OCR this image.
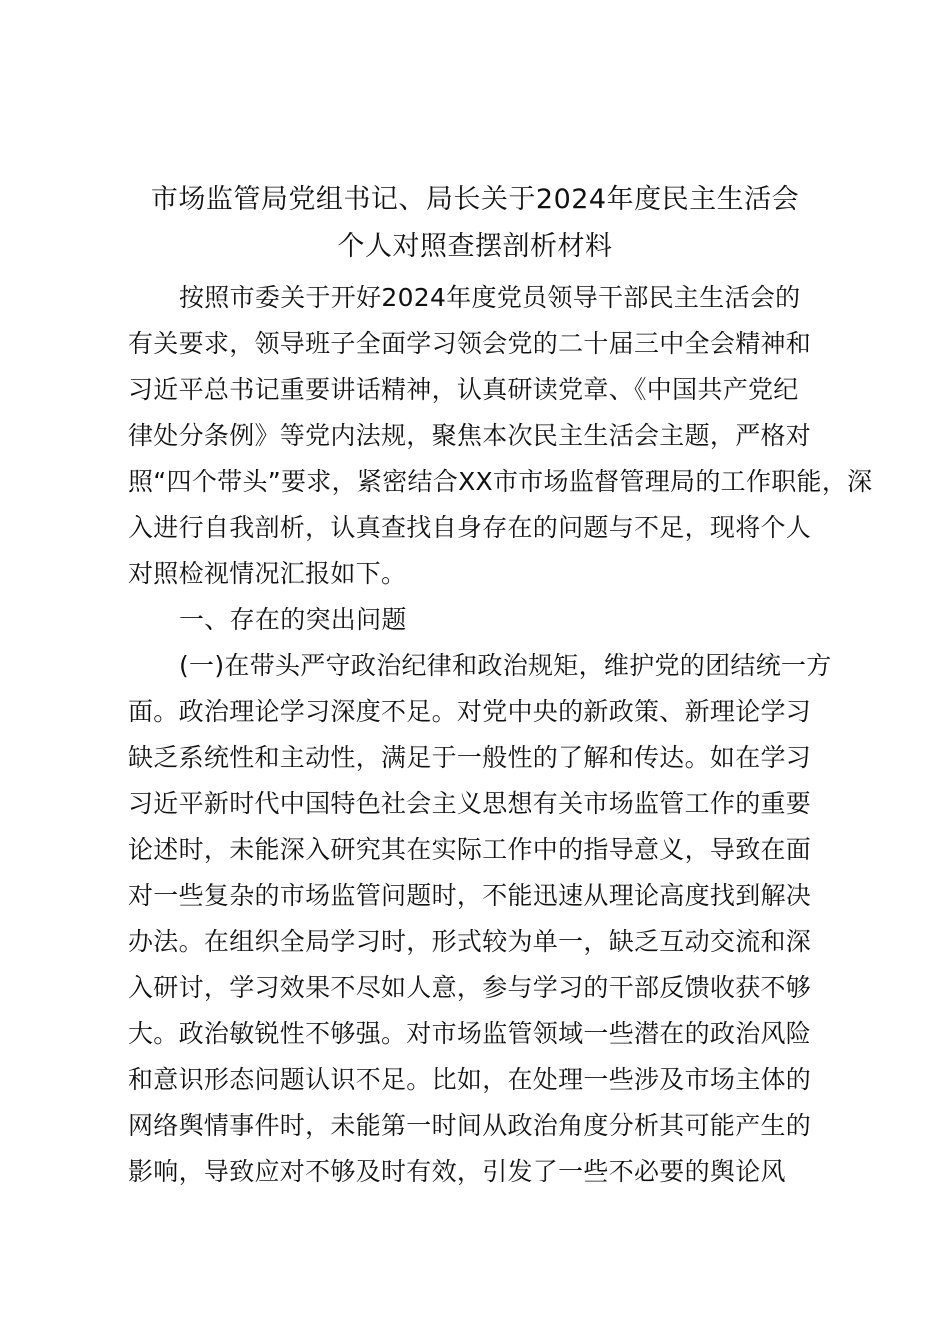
市场监管局党组书记、局长关于2024年度民主生活会
个人对照查摆剖析材料
按照市委关于开好2024年度党员领导干部民主生活会的
有关要求，领导班子全面学习领会党的二十届三中全会精神和
习近平总书记重要讲话精神，认真研读党章、《中国共产党纪
律处分条例》等党内法规，聚焦本次民主生活会主题，严格对
照“四个带头”要求，紧密结合XX市市场监督管理局的工作职能，深
入进行自我剖析，认真查找自身存在的问题与不足，现将个人
对照检视情况汇报如下。
一、存在的突出问题
(一)在带头严守政治纪律和政治规矩，维护党的团结统一方
面。政治理论学习深度不足。对党中央的新政策、新理论学习
缺乏系统性和主动性，满足于一般性的了解和传达。如在学习
习近平新时代中国特色社会主义思想有关市场监管工作的重要
论述时，未能深入研究其在实际工作中的指导意义，导致在面
对一些复杂的市场监管问题时，不能迅速从理论高度找到解决
办法。在组织全局学习时，形式较为单一，缺乏互动交流和深
入研讨，学习效果不尽如人意，参与学习的干部反馈收获不够
大。政治敏锐性不够强。对市场监管领域一些潜在的政治风险
和意识形态问题认识不足。比如，在处理一些涉及市场主体的
网络舆情事件时，未能第一时间从政治角度分析其可能产生的
影响，导致应对不够及时有效，引发了一些不必要的舆论风
